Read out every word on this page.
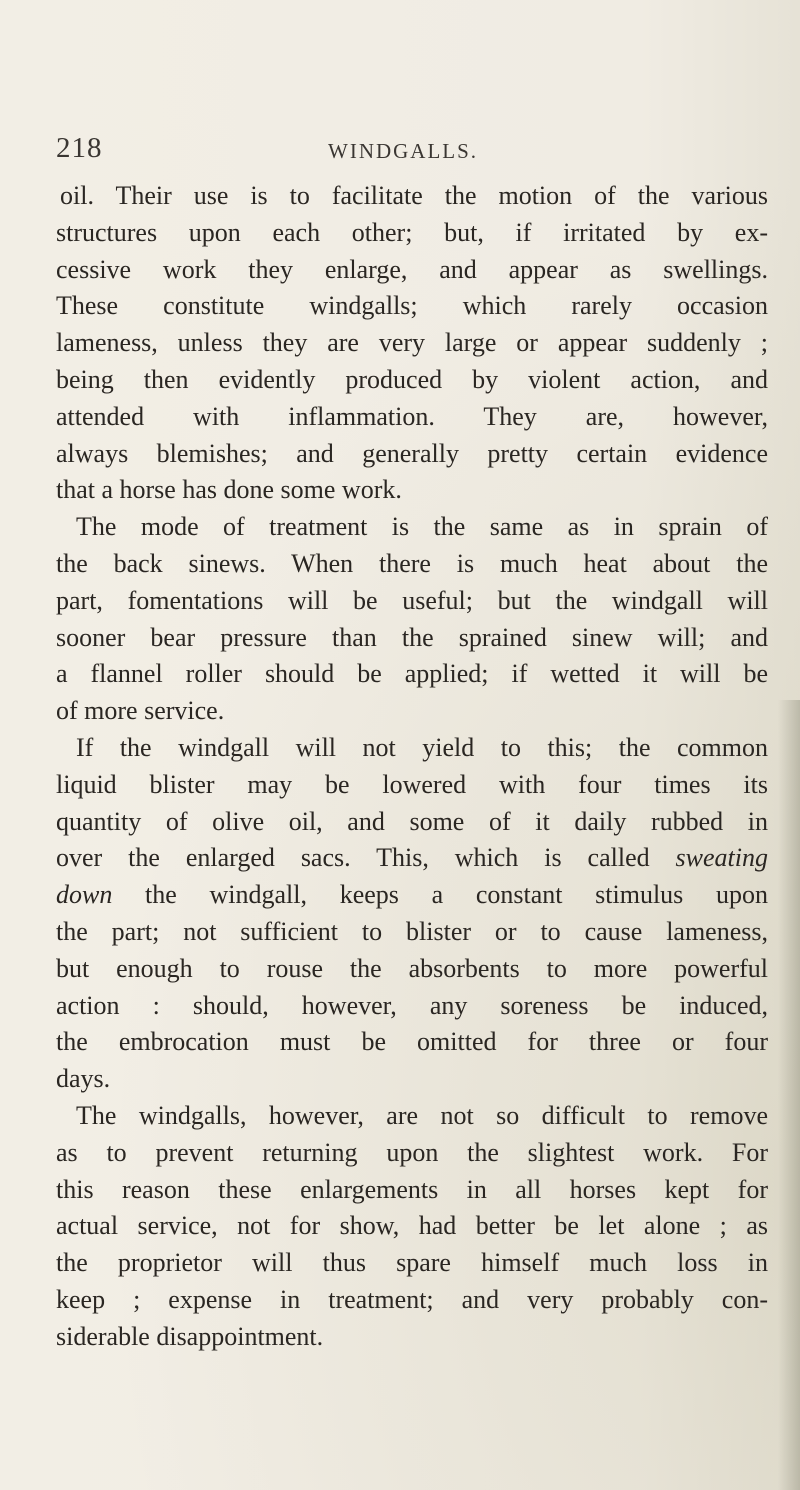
218	WINDGALLS.
oil. Their use is to facilitate the motion of the various
structures upon each other; but, if irritated by ex-
cessive work they enlarge, and appear as swellings.
These constitute windgalls; which rarely occasion
lameness, unless they are very large or appear suddenly ;
being then evidently produced by violent action, and
attended with inflammation. They are, however,
always blemishes; and generally pretty certain evidence
that a horse has done some work.
The mode of treatment is the same as in sprain of
the back sinews. When there is much heat about the
part, fomentations will be useful; but the windgall will
sooner bear pressure than the sprained sinew will; and
a flannel roller should be applied; if wetted it will be
of more service.
If the windgall will not yield to this; the common
liquid blister may be lowered with four times its
quantity of olive oil, and some of it daily rubbed in
over the enlarged sacs. This, which is called sweating
down the windgall, keeps a constant stimulus upon
the part; not sufficient to blister or to cause lameness,
but enough to rouse the absorbents to more powerful
action : should, however, any soreness be induced,
the embrocation must be omitted for three or four
days.
The windgalls, however, are not so difficult to remove
as to prevent returning upon the slightest work. For
this reason these enlargements in all horses kept for
actual service, not for show, had better be let alone ; as
the proprietor will thus spare himself much loss in
keep ; expense in treatment; and very probably con-
siderable disappointment.
